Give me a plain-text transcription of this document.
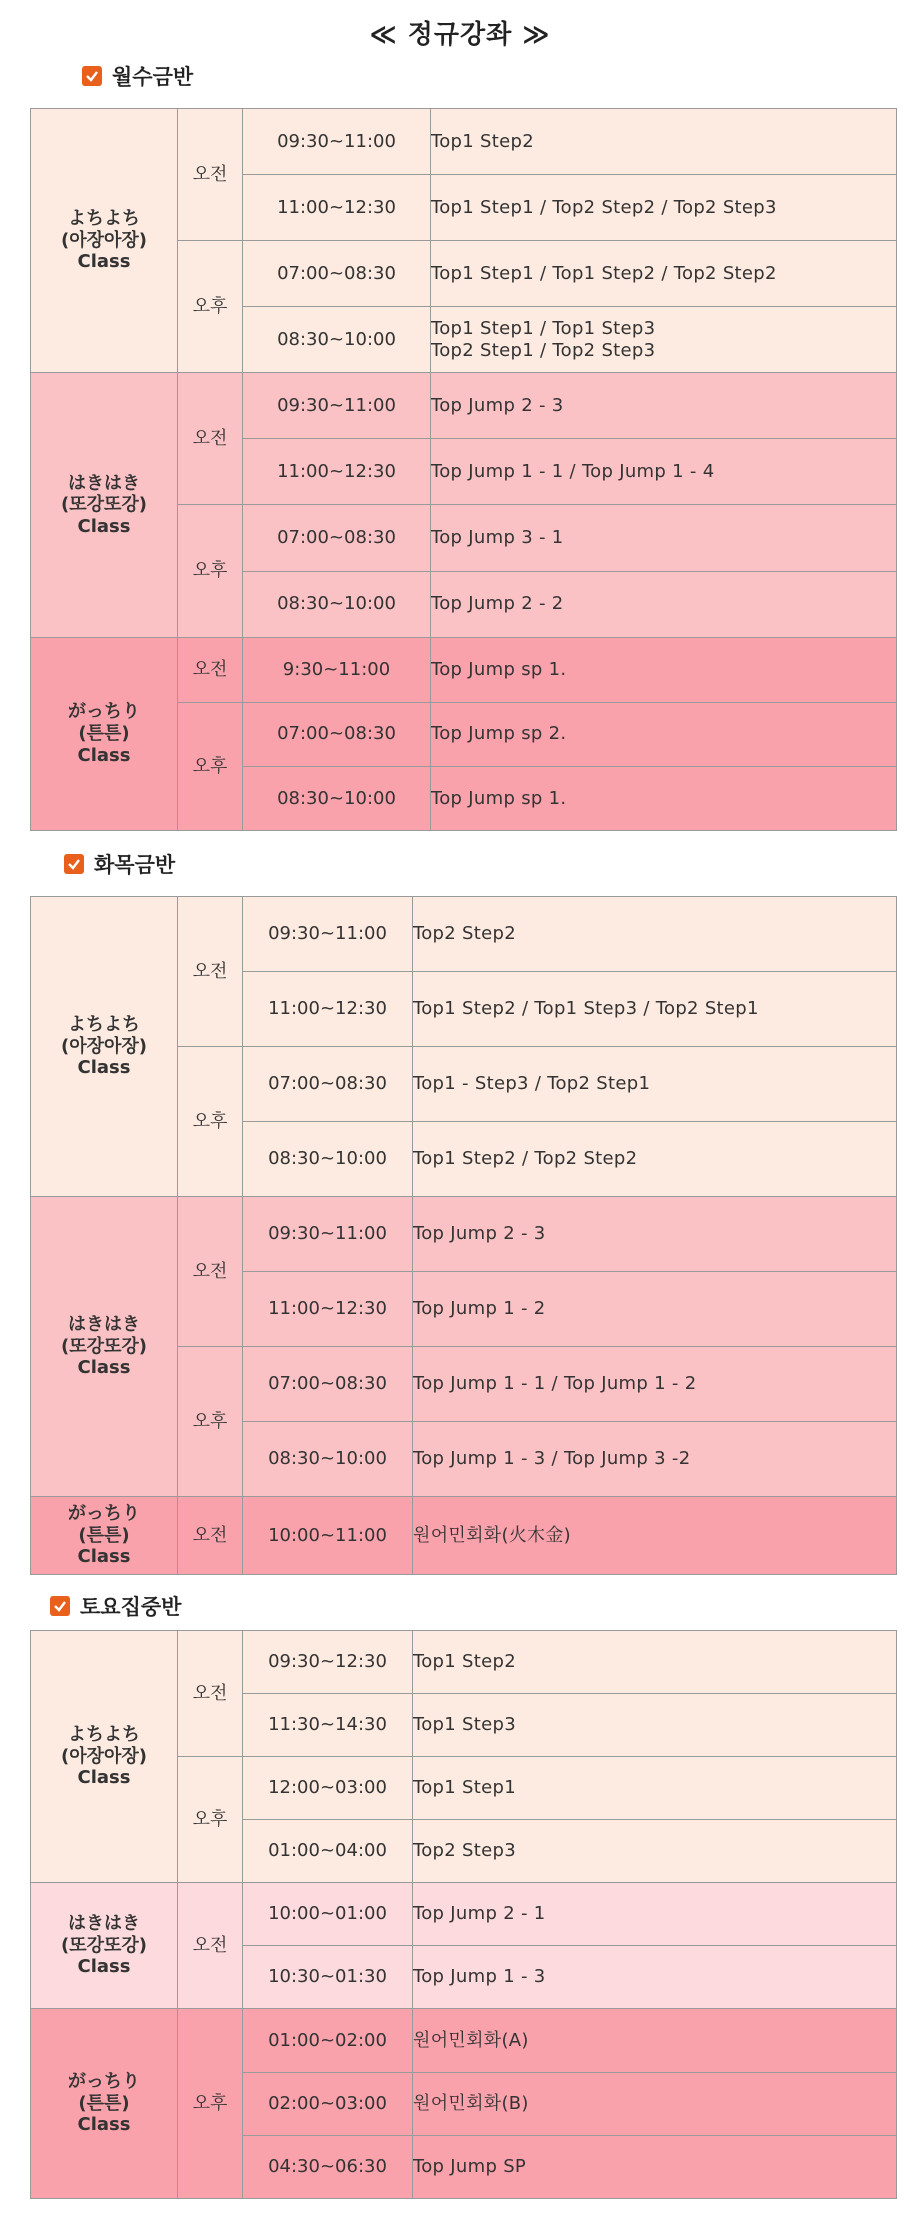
≪ 정규강좌 ≫
월수금반
よちよち
(아장아장)
Class	오전	09:30~11:00	Top1 Step2

		11:00~12:30	Top1 Step1 / Top2 Step2 / Top2 Step3

	오후	07:00~08:30	Top1 Step1 / Top1 Step2 / Top2 Step2

		08:30~10:00	Top1 Step1 / Top1 Step3
Top2 Step1 / Top2 Step3

はきはき
(또강또강)
Class	오전	09:30~11:00	Top Jump 2 - 3

		11:00~12:30	Top Jump 1 - 1 / Top Jump 1 - 4

	오후	07:00~08:30	Top Jump 3 - 1

		08:30~10:00	Top Jump 2 - 2

がっちり
(튼튼)
Class	오전	9:30~11:00	Top Jump sp 1.

	오후	07:00~08:30	Top Jump sp 2.

		08:30~10:00	Top Jump sp 1.
화목금반
よちよち
(아장아장)
Class	오전	09:30~11:00	Top2 Step2

		11:00~12:30	Top1 Step2 / Top1 Step3 / Top2 Step1

	오후	07:00~08:30	Top1 - Step3 / Top2 Step1

		08:30~10:00	Top1 Step2 / Top2 Step2

はきはき
(또강또강)
Class	오전	09:30~11:00	Top Jump 2 - 3

		11:00~12:30	Top Jump 1 - 2

	오후	07:00~08:30	Top Jump 1 - 1 / Top Jump 1 - 2

		08:30~10:00	Top Jump 1 - 3 / Top Jump 3 -2

がっちり
(튼튼)
Class	오전	10:00~11:00	원어민회화(火木金)
토요집중반
よちよち
(아장아장)
Class	오전	09:30~12:30	Top1 Step2

		11:30~14:30	Top1 Step3

	오후	12:00~03:00	Top1 Step1

		01:00~04:00	Top2 Step3

はきはき
(또강또강)
Class	오전	10:00~01:00	Top Jump 2 - 1

		10:30~01:30	Top Jump 1 - 3

がっちり
(튼튼)
Class	오후	01:00~02:00	원어민회화(A)

		02:00~03:00	원어민회화(B)

		04:30~06:30	Top Jump SP
